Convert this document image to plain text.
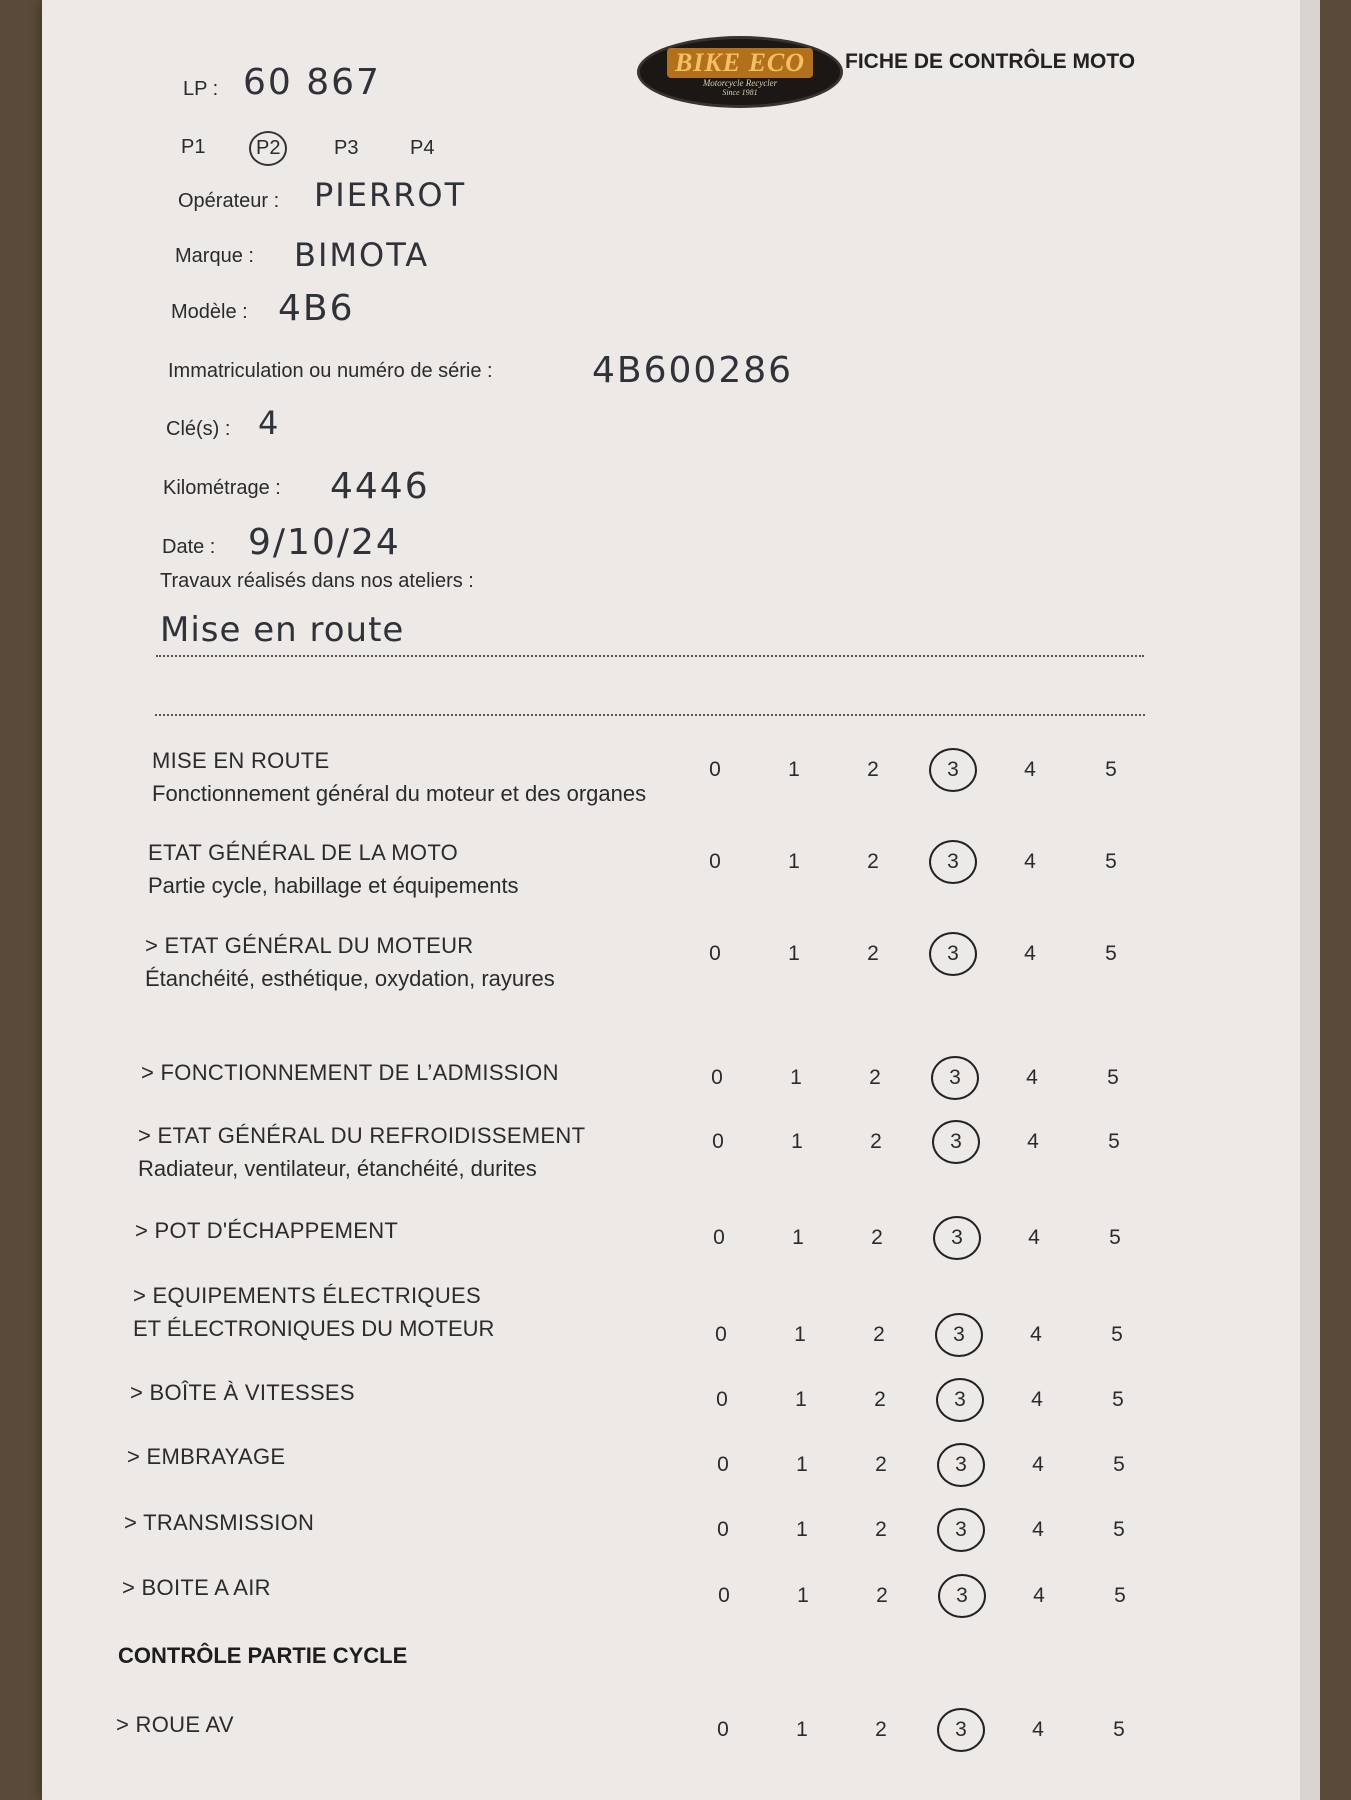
BIKE ECO
Motorcycle Recycler
Since 1981
FICHE DE CONTRÔLE MOTO
LP : 60 867
P1	P2	P3	P4
Opérateur : PIERROT
Marque : BIMOTA
Modèle : 4B6
Immatriculation ou numéro de série :	4B600286
Clé(s) : 4
Kilométrage : 4446
Date : 9/10/24
Travaux réalisés dans nos ateliers :
Mise en route
MISE EN ROUTE
Fonctionnement général du moteur et des organes
0	1	2	3	4	5
ETAT GÉNÉRAL DE LA MOTO
Partie cycle, habillage et équipements
0	1	2	3	4	5
> ETAT GÉNÉRAL DU MOTEUR
Étanchéité, esthétique, oxydation, rayures
0	1	2	3	4	5
> FONCTIONNEMENT DE L’ADMISSION	0	1	2	3	4	5
> ETAT GÉNÉRAL DU REFROIDISSEMENT
Radiateur, ventilateur, étanchéité, durites
0	1	2	3	4	5
> POT D'ÉCHAPPEMENT	0	1	2	3	4	5
> EQUIPEMENTS ÉLECTRIQUES
ET ÉLECTRONIQUES DU MOTEUR	0	1	2	3	4	5
> BOÎTE À VITESSES	0	1	2	3	4	5
> EMBRAYAGE	0	1	2	3	4	5
> TRANSMISSION	0	1	2	3	4	5
> BOITE A AIR	0	1	2	3	4	5
> ROUE AV	0	1	2	3	4	5
CONTRÔLE PARTIE CYCLE
